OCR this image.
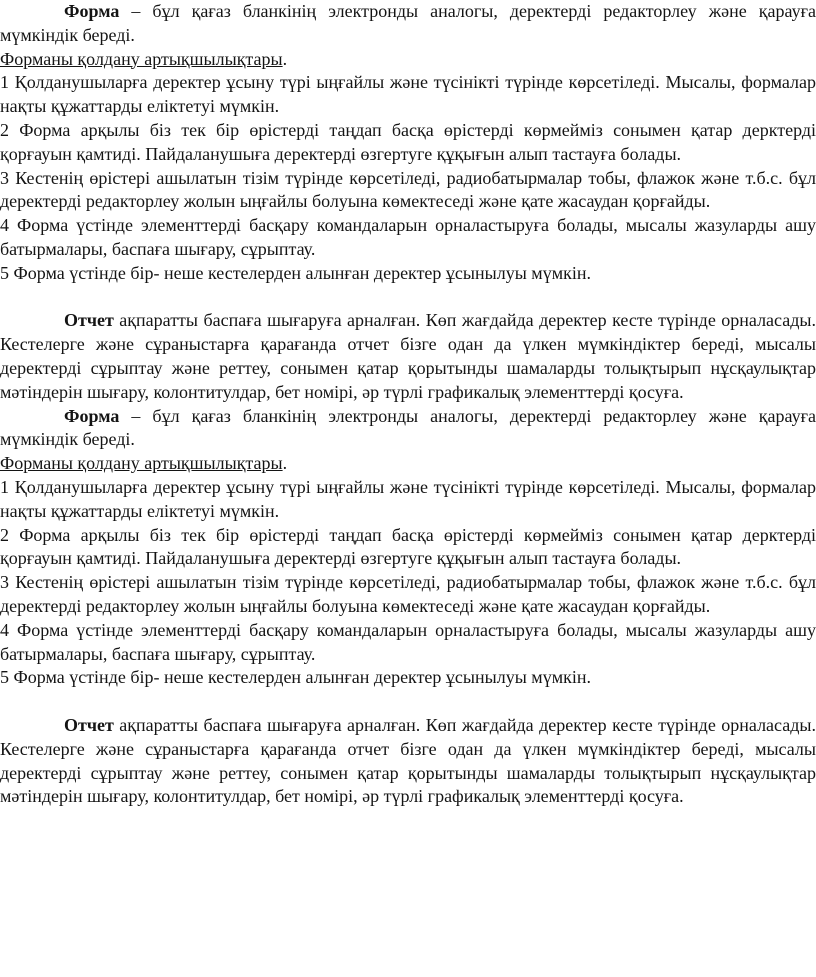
Форма – бұл қағаз бланкінің электронды аналогы, деректерді редакторлеу және қарауға мүмкіндік береді.

Форманы қолдану артықшылықтары.

1 Қолданушыларға деректер ұсыну түрі ыңғайлы және түсінікті түрінде көрсетіледі. Мысалы, формалар нақты құжаттарды еліктетуі мүмкін.

2 Форма арқылы біз тек бір өрістерді таңдап басқа өрістерді көрмейміз сонымен қатар дерктерді қорғауын қамтиді. Пайдаланушыға деректерді өзгертуге құқығын алып тастауға болады.

3 Кестенің өрістері ашылатын тізім түрінде көрсетіледі, радиобатырмалар тобы, флажок және т.б.с. бұл деректерді редакторлеу жолын ыңғайлы болуына көмектеседі және қате жасаудан қорғайды.

4 Форма үстінде элементтерді басқару командаларын орналастыруға болады, мысалы жазуларды ашу батырмалары, баспаға шығару, сұрыптау.

5 Форма үстінде бір- неше кестелерден алынған деректер ұсынылуы мүмкін.

Отчет ақпаратты баспаға шығаруға арналған. Көп жағдайда деректер кесте түрінде орналасады. Кестелерге және сұраныстарға қарағанда отчет бізге одан да үлкен мүмкіндіктер береді, мысалы деректерді сұрыптау және реттеу, сонымен қатар қорытынды шамаларды толықтырып нұсқаулықтар мәтіндерін шығару, колонтитулдар, бет номірі, әр түрлі графикалық элементтерді қосуға.

Форма – бұл қағаз бланкінің электронды аналогы, деректерді редакторлеу және қарауға мүмкіндік береді.

Форманы қолдану артықшылықтары.

1 Қолданушыларға деректер ұсыну түрі ыңғайлы және түсінікті түрінде көрсетіледі. Мысалы, формалар нақты құжаттарды еліктетуі мүмкін.

2 Форма арқылы біз тек бір өрістерді таңдап басқа өрістерді көрмейміз сонымен қатар дерктерді қорғауын қамтиді. Пайдаланушыға деректерді өзгертуге құқығын алып тастауға болады.

3 Кестенің өрістері ашылатын тізім түрінде көрсетіледі, радиобатырмалар тобы, флажок және т.б.с. бұл деректерді редакторлеу жолын ыңғайлы болуына көмектеседі және қате жасаудан қорғайды.

4 Форма үстінде элементтерді басқару командаларын орналастыруға болады, мысалы жазуларды ашу батырмалары, баспаға шығару, сұрыптау.

5 Форма үстінде бір- неше кестелерден алынған деректер ұсынылуы мүмкін.

Отчет ақпаратты баспаға шығаруға арналған. Көп жағдайда деректер кесте түрінде орналасады. Кестелерге және сұраныстарға қарағанда отчет бізге одан да үлкен мүмкіндіктер береді, мысалы деректерді сұрыптау және реттеу, сонымен қатар қорытынды шамаларды толықтырып нұсқаулықтар мәтіндерін шығару, колонтитулдар, бет номірі, әр түрлі графикалық элементтерді қосуға.
